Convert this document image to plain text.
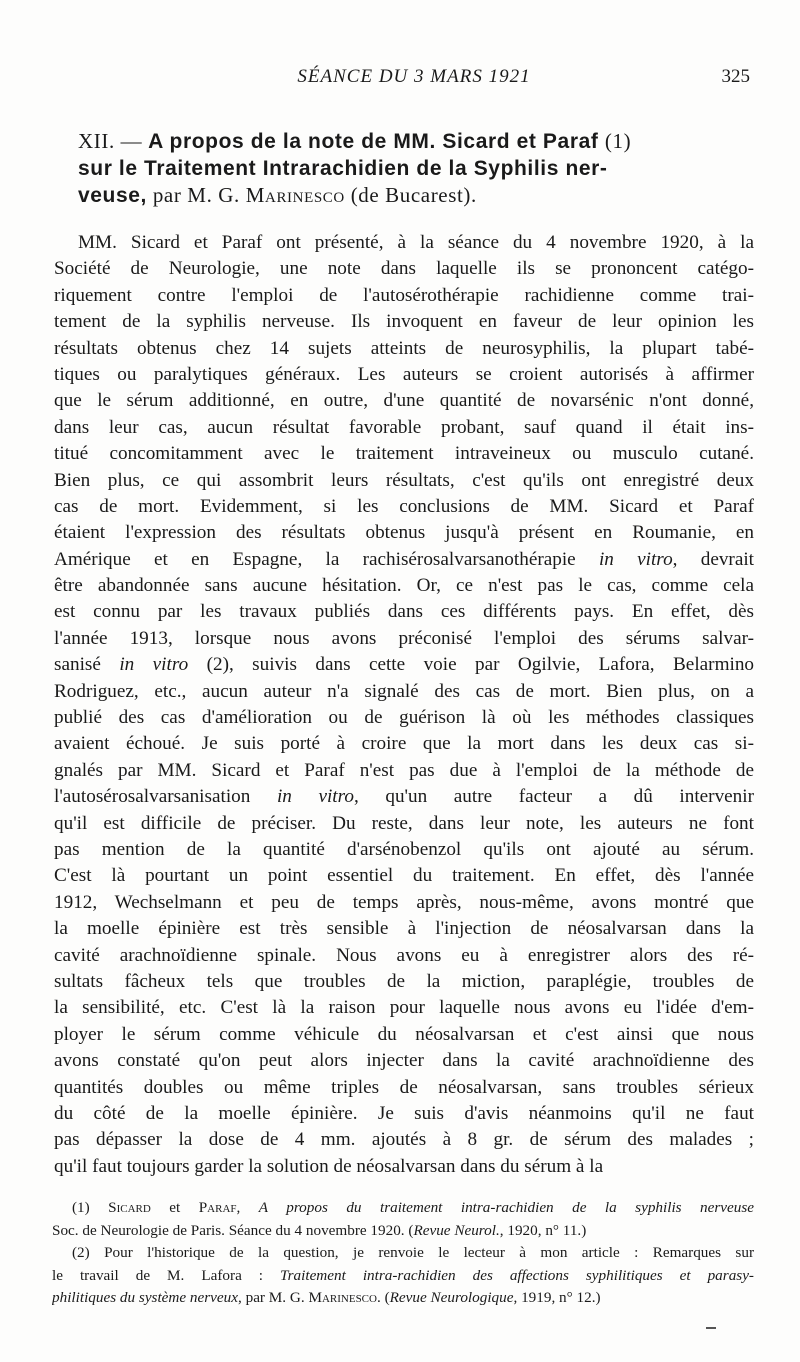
SÉANCE DU 3 MARS 1921	325
XII. — A propos de la note de MM. Sicard et Paraf (1)
sur le Traitement Intrarachidien de la Syphilis ner-
veuse, par M. G. Marinesco (de Bucarest).
MM. Sicard et Paraf ont présenté, à la séance du 4 novembre 1920, à la
Société de Neurologie, une note dans laquelle ils se prononcent catégo-
riquement contre l'emploi de l'autosérothérapie rachidienne comme trai-
tement de la syphilis nerveuse. Ils invoquent en faveur de leur opinion les
résultats obtenus chez 14 sujets atteints de neurosyphilis, la plupart tabé-
tiques ou paralytiques généraux. Les auteurs se croient autorisés à affirmer
que le sérum additionné, en outre, d'une quantité de novarsénic n'ont donné,
dans leur cas, aucun résultat favorable probant, sauf quand il était ins-
titué concomitamment avec le traitement intraveineux ou musculo cutané.
Bien plus, ce qui assombrit leurs résultats, c'est qu'ils ont enregistré deux
cas de mort. Evidemment, si les conclusions de MM. Sicard et Paraf
étaient l'expression des résultats obtenus jusqu'à présent en Roumanie, en
Amérique et en Espagne, la rachisérosalvarsanothérapie in vitro, devrait
être abandonnée sans aucune hésitation. Or, ce n'est pas le cas, comme cela
est connu par les travaux publiés dans ces différents pays. En effet, dès
l'année 1913, lorsque nous avons préconisé l'emploi des sérums salvar-
sanisé in vitro (2), suivis dans cette voie par Ogilvie, Lafora, Belarmino
Rodriguez, etc., aucun auteur n'a signalé des cas de mort. Bien plus, on a
publié des cas d'amélioration ou de guérison là où les méthodes classiques
avaient échoué. Je suis porté à croire que la mort dans les deux cas si-
gnalés par MM. Sicard et Paraf n'est pas due à l'emploi de la méthode de
l'autosérosalvarsanisation in vitro, qu'un autre facteur a dû intervenir
qu'il est difficile de préciser. Du reste, dans leur note, les auteurs ne font
pas mention de la quantité d'arsénobenzol qu'ils ont ajouté au sérum.
C'est là pourtant un point essentiel du traitement. En effet, dès l'année
1912, Wechselmann et peu de temps après, nous-même, avons montré que
la moelle épinière est très sensible à l'injection de néosalvarsan dans la
cavité arachnoïdienne spinale. Nous avons eu à enregistrer alors des ré-
sultats fâcheux tels que troubles de la miction, paraplégie, troubles de
la sensibilité, etc. C'est là la raison pour laquelle nous avons eu l'idée d'em-
ployer le sérum comme véhicule du néosalvarsan et c'est ainsi que nous
avons constaté qu'on peut alors injecter dans la cavité arachnoïdienne des
quantités doubles ou même triples de néosalvarsan, sans troubles sérieux
du côté de la moelle épinière. Je suis d'avis néanmoins qu'il ne faut
pas dépasser la dose de 4 mm. ajoutés à 8 gr. de sérum des malades ;
qu'il faut toujours garder la solution de néosalvarsan dans du sérum à la
(1) Sicard et Paraf, A propos du traitement intra-rachidien de la syphilis nerveuse
Soc. de Neurologie de Paris. Séance du 4 novembre 1920. (Revue Neurol., 1920, n° 11.)
(2) Pour l'historique de la question, je renvoie le lecteur à mon article : Remarques sur
le travail de M. Lafora : Traitement intra-rachidien des affections syphilitiques et parasy-
philitiques du système nerveux, par M. G. Marinesco. (Revue Neurologique, 1919, n° 12.)
